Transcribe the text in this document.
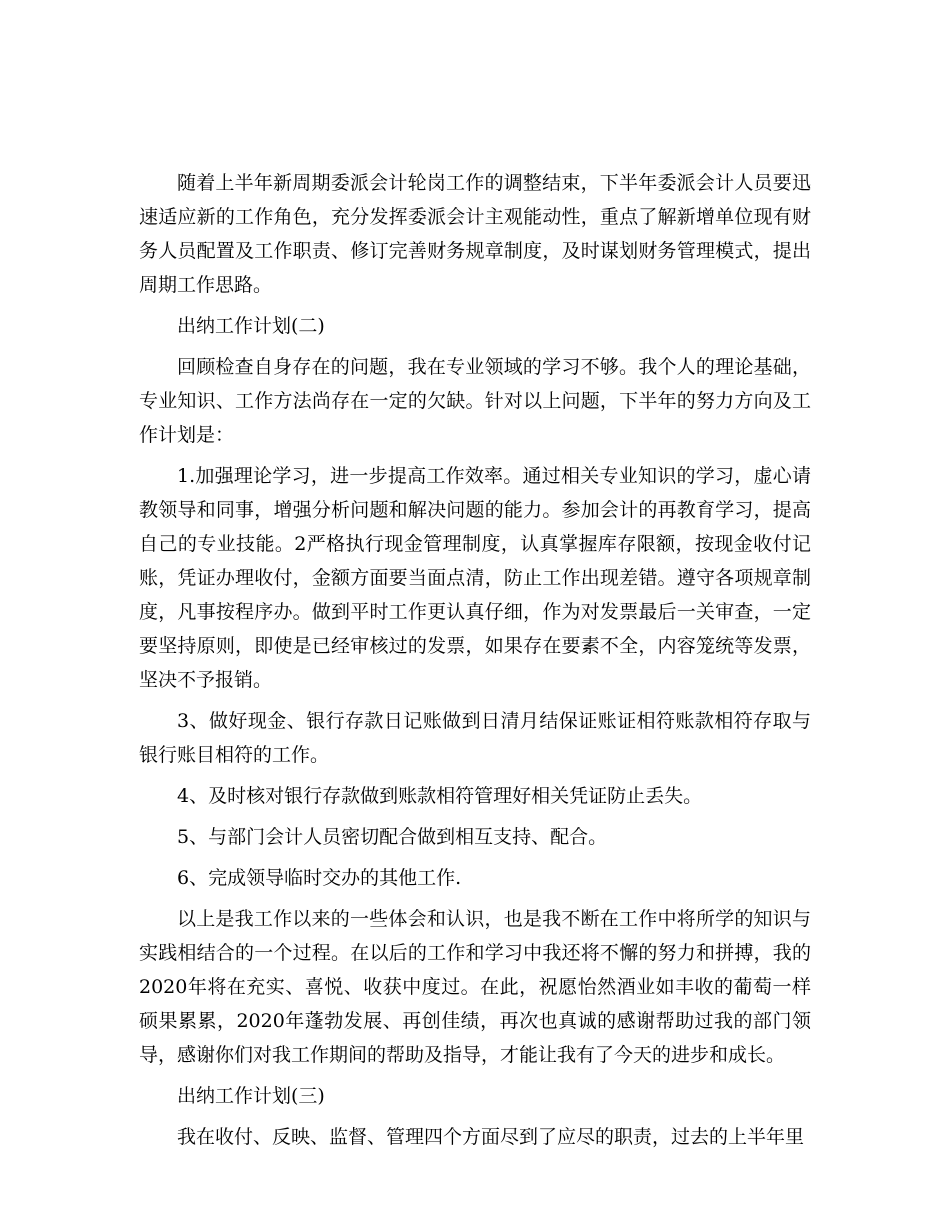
随着上半年新周期委派会计轮岗工作的调整结束，下半年委派会计人员要迅速适应新的工作角色，充分发挥委派会计主观能动性，重点了解新增单位现有财务人员配置及工作职责、修订完善财务规章制度，及时谋划财务管理模式，提出周期工作思路。

出纳工作计划(二)

回顾检查自身存在的问题，我在专业领域的学习不够。我个人的理论基础，专业知识、工作方法尚存在一定的欠缺。针对以上问题，下半年的努力方向及工作计划是：

1.加强理论学习，进一步提高工作效率。通过相关专业知识的学习，虚心请教领导和同事，增强分析问题和解决问题的能力。参加会计的再教育学习，提高自己的专业技能。2严格执行现金管理制度，认真掌握库存限额，按现金收付记账，凭证办理收付，金额方面要当面点清，防止工作出现差错。遵守各项规章制度，凡事按程序办。做到平时工作更认真仔细，作为对发票最后一关审查，一定要坚持原则，即使是已经审核过的发票，如果存在要素不全，内容笼统等发票，坚决不予报销。

3、做好现金、银行存款日记账做到日清月结保证账证相符账款相符存取与银行账目相符的工作。

4、及时核对银行存款做到账款相符管理好相关凭证防止丢失。

5、与部门会计人员密切配合做到相互支持、配合。

6、完成领导临时交办的其他工作.

以上是我工作以来的一些体会和认识，也是我不断在工作中将所学的知识与实践相结合的一个过程。在以后的工作和学习中我还将不懈的努力和拼搏，我的2020年将在充实、喜悦、收获中度过。在此，祝愿怡然酒业如丰收的葡萄一样硕果累累，2020年蓬勃发展、再创佳绩，再次也真诚的感谢帮助过我的部门领导，感谢你们对我工作期间的帮助及指导，才能让我有了今天的进步和成长。

出纳工作计划(三)

我在收付、反映、监督、管理四个方面尽到了应尽的职责，过去的上半年里
